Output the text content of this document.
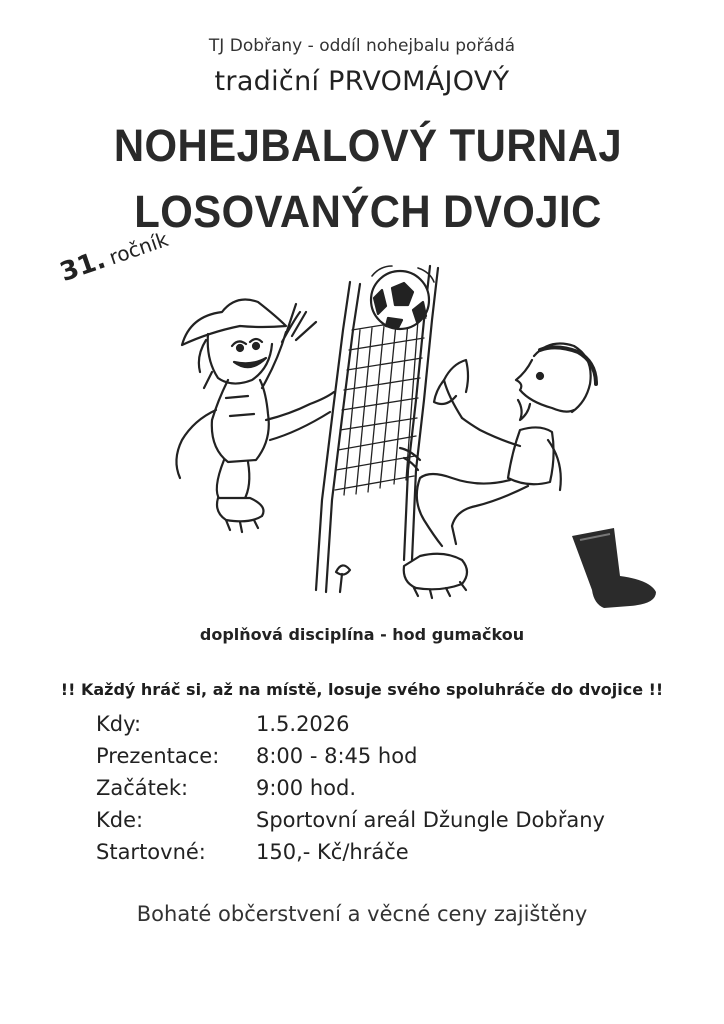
TJ Dobřany - oddíl nohejbalu pořádá
tradiční PRVOMÁJOVÝ
NOHEJBALOVÝ TURNAJ
LOSOVANÝCH DVOJIC
31. ročník
doplňová disciplína - hod gumačkou
!! Každý hráč si, až na místě, losuje svého spoluhráče do dvojice !!
Kdy:	1.5.2026
Prezentace:	8:00 - 8:45 hod
Začátek:	9:00 hod.
Kde:	Sportovní areál Džungle Dobřany
Startovné:	150,- Kč/hráče
Bohaté občerstvení a věcné ceny zajištěny
